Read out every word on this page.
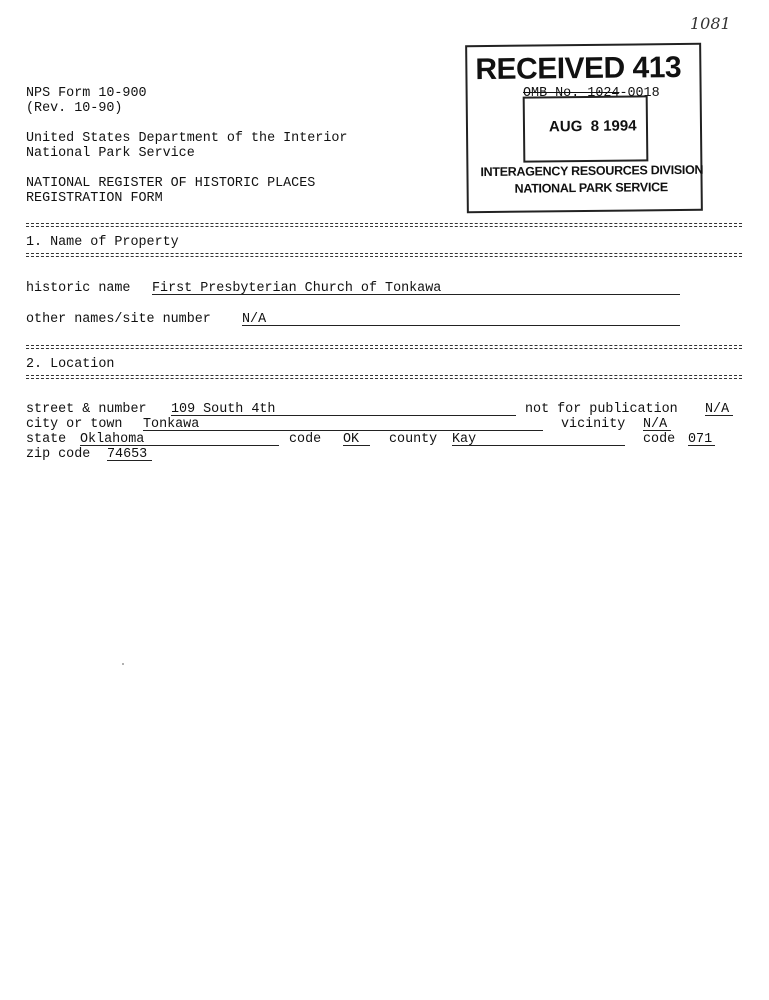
1081
NPS Form 10-900
(Rev. 10-90)
United States Department of the Interior
National Park Service
NATIONAL REGISTER OF HISTORIC PLACES
REGISTRATION FORM
OMB No. 1024-0018
RECEIVED 413
AUG  8 1994
INTERAGENCY RESOURCES DIVISION
NATIONAL PARK SERVICE
1. Name of Property
historic name First Presbyterian Church of Tonkawa
other names/site number N/A
2. Location
street & number 109 South 4th	not for publication N/A
city or town Tonkawa	vicinity N/A
state Oklahoma	code OK county Kay	code 071
zip code 74653
